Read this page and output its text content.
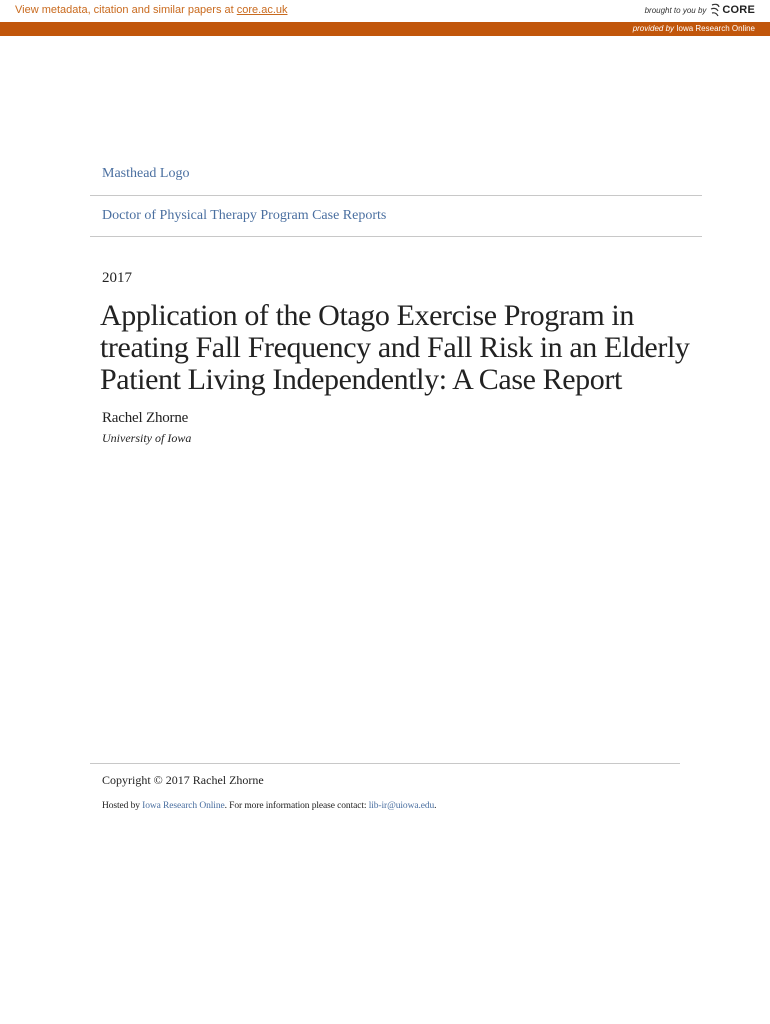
View metadata, citation and similar papers at core.ac.uk	brought to you by CORE
provided by Iowa Research Online
Masthead Logo
Doctor of Physical Therapy Program Case Reports
2017
Application of the Otago Exercise Program in treating Fall Frequency and Fall Risk in an Elderly Patient Living Independently: A Case Report
Rachel Zhorne
University of Iowa
Copyright © 2017 Rachel Zhorne
Hosted by Iowa Research Online. For more information please contact: lib-ir@uiowa.edu.
